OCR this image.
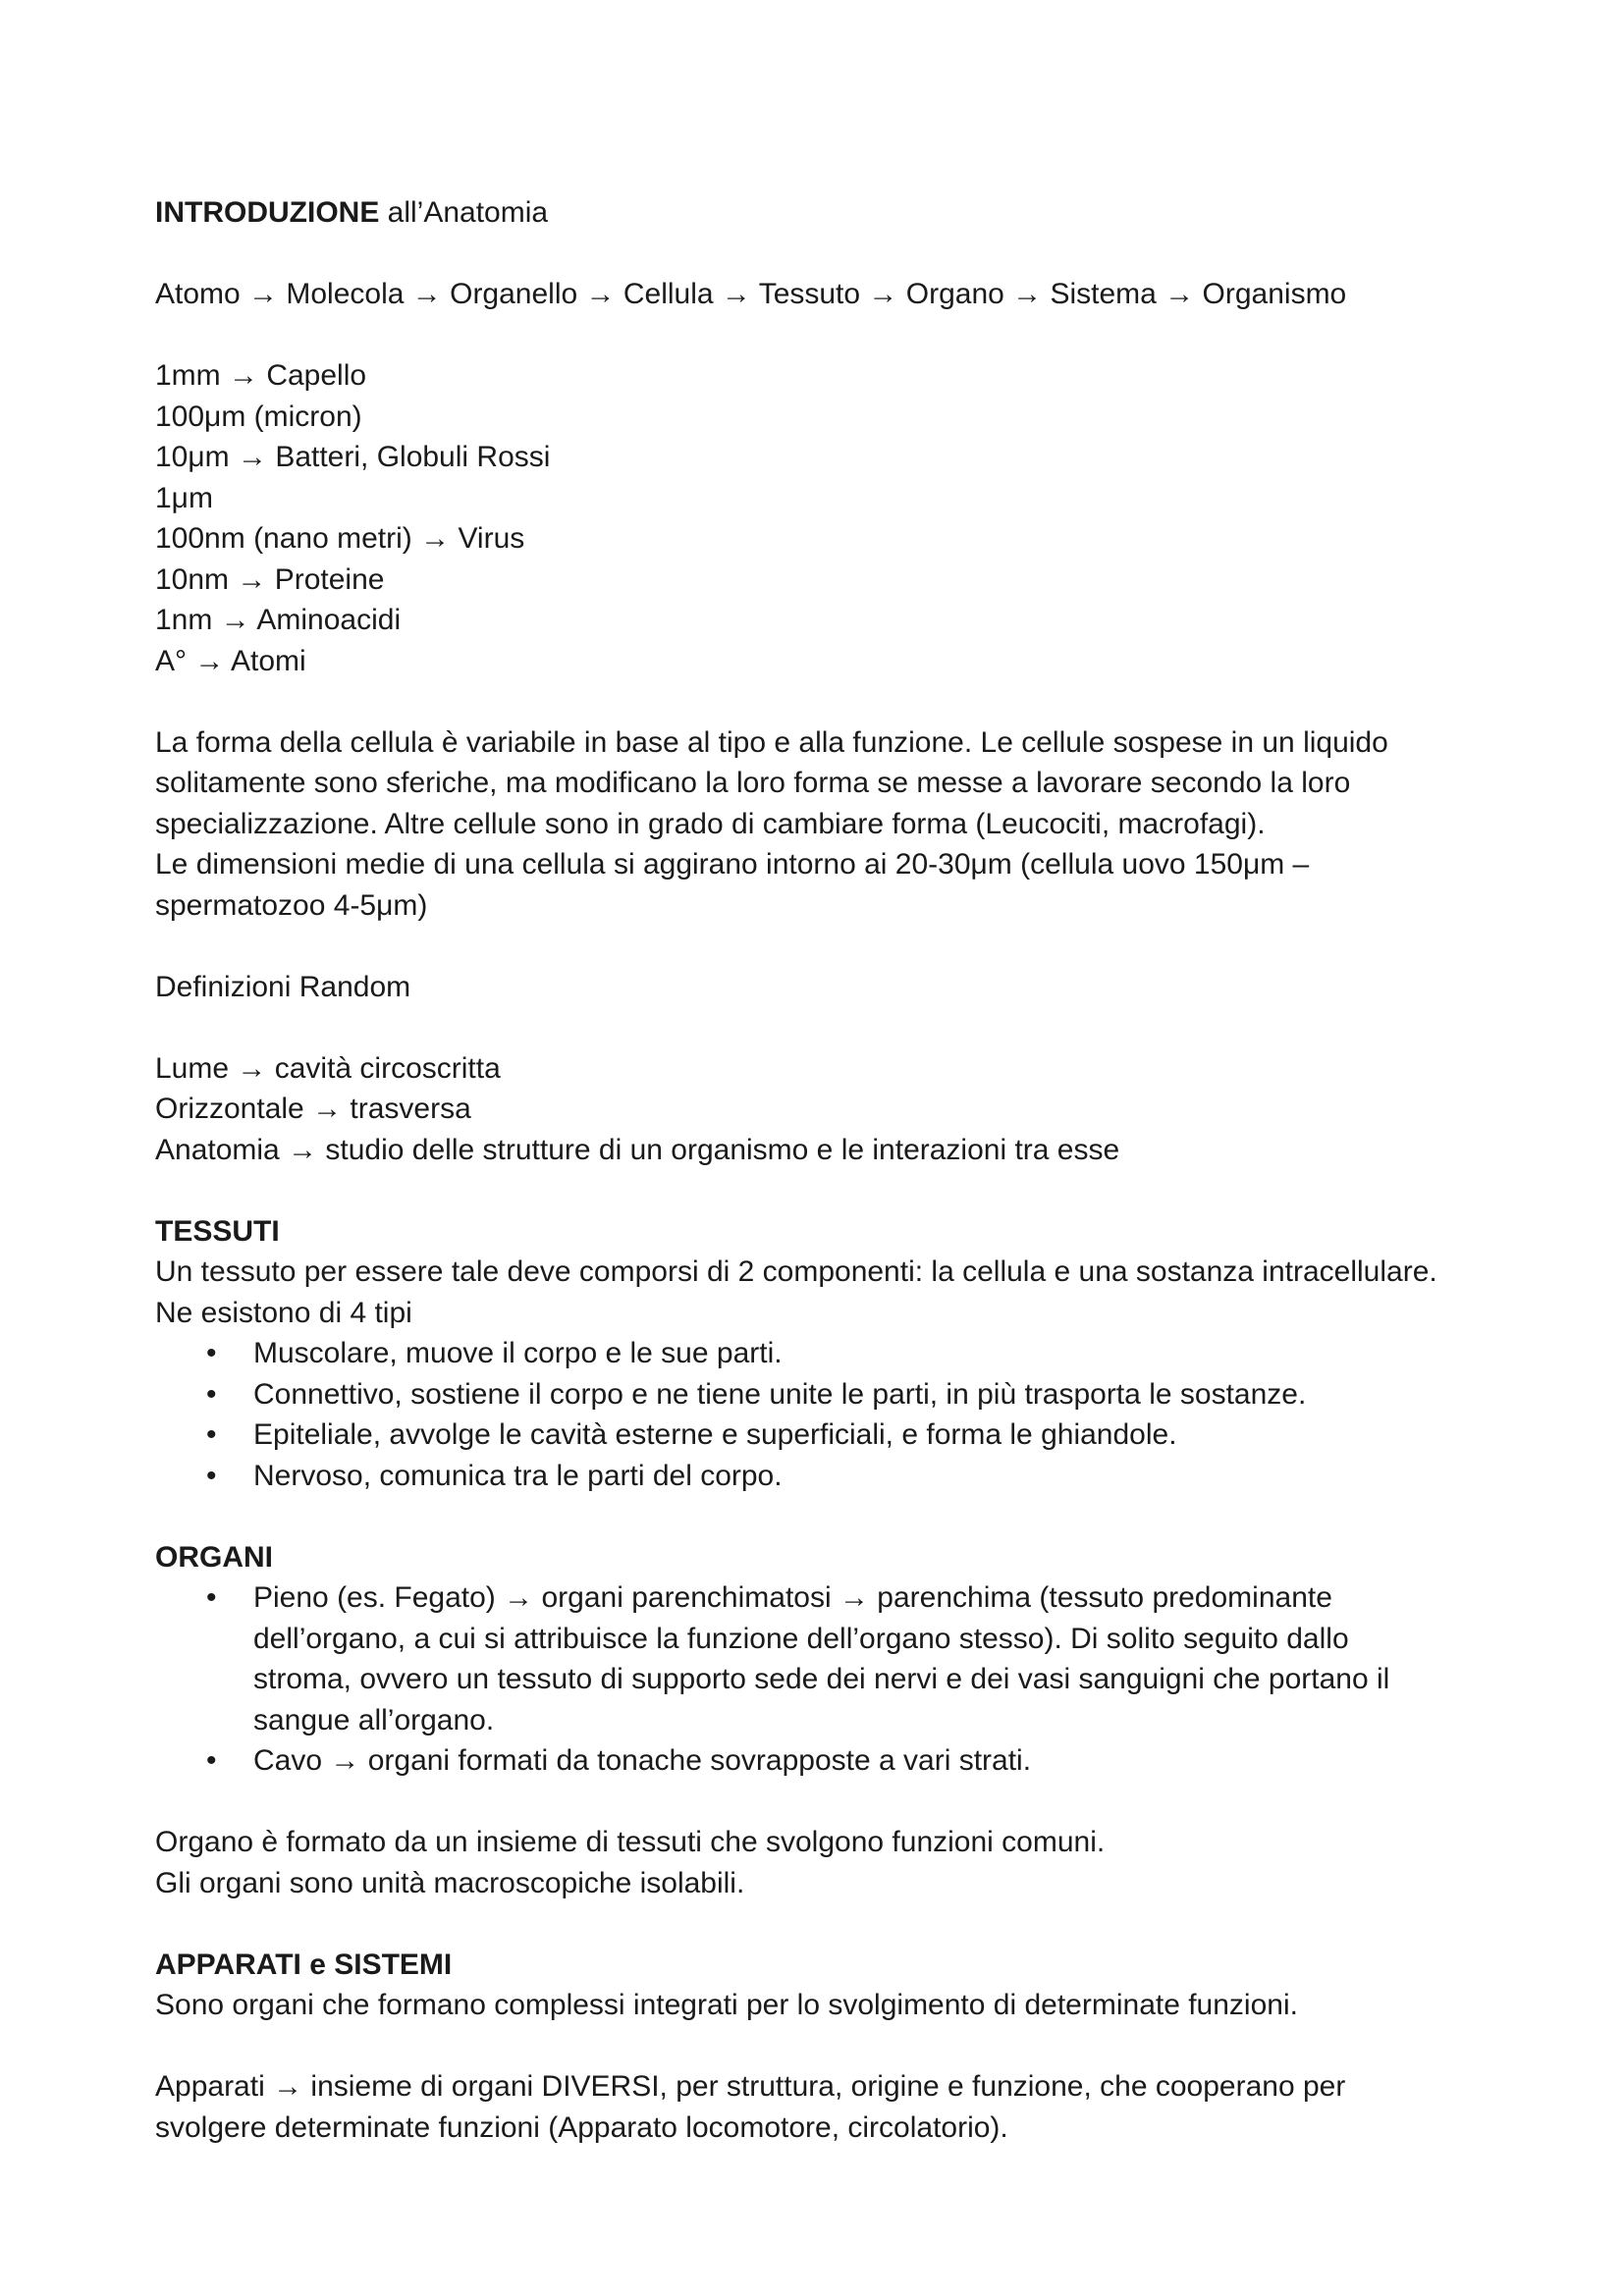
INTRODUZIONE all’Anatomia
Atomo → Molecola → Organello → Cellula → Tessuto → Organo → Sistema → Organismo
1mm → Capello
100μm (micron)
10μm → Batteri, Globuli Rossi
1μm
100nm (nano metri) → Virus
10nm → Proteine
1nm → Aminoacidi
A° → Atomi
La forma della cellula è variabile in base al tipo e alla funzione. Le cellule sospese in un liquido
solitamente sono sferiche, ma modificano la loro forma se messe a lavorare secondo la loro
specializzazione. Altre cellule sono in grado di cambiare forma (Leucociti, macrofagi).
Le dimensioni medie di una cellula si aggirano intorno ai 20-30μm (cellula uovo 150μm –
spermatozoo 4-5μm)
Definizioni Random
Lume → cavità circoscritta
Orizzontale → trasversa
Anatomia → studio delle strutture di un organismo e le interazioni tra esse
TESSUTI
Un tessuto per essere tale deve comporsi di 2 componenti: la cellula e una sostanza intracellulare.
Ne esistono di 4 tipi
• Muscolare, muove il corpo e le sue parti.
• Connettivo, sostiene il corpo e ne tiene unite le parti, in più trasporta le sostanze.
• Epiteliale, avvolge le cavità esterne e superficiali, e forma le ghiandole.
• Nervoso, comunica tra le parti del corpo.
ORGANI
• Pieno (es. Fegato) → organi parenchimatosi → parenchima (tessuto predominante
dell’organo, a cui si attribuisce la funzione dell’organo stesso). Di solito seguito dallo
stroma, ovvero un tessuto di supporto sede dei nervi e dei vasi sanguigni che portano il
sangue all’organo.
• Cavo → organi formati da tonache sovrapposte a vari strati.
Organo è formato da un insieme di tessuti che svolgono funzioni comuni.
Gli organi sono unità macroscopiche isolabili.
APPARATI e SISTEMI
Sono organi che formano complessi integrati per lo svolgimento di determinate funzioni.
Apparati → insieme di organi DIVERSI, per struttura, origine e funzione, che cooperano per
svolgere determinate funzioni (Apparato locomotore, circolatorio).
